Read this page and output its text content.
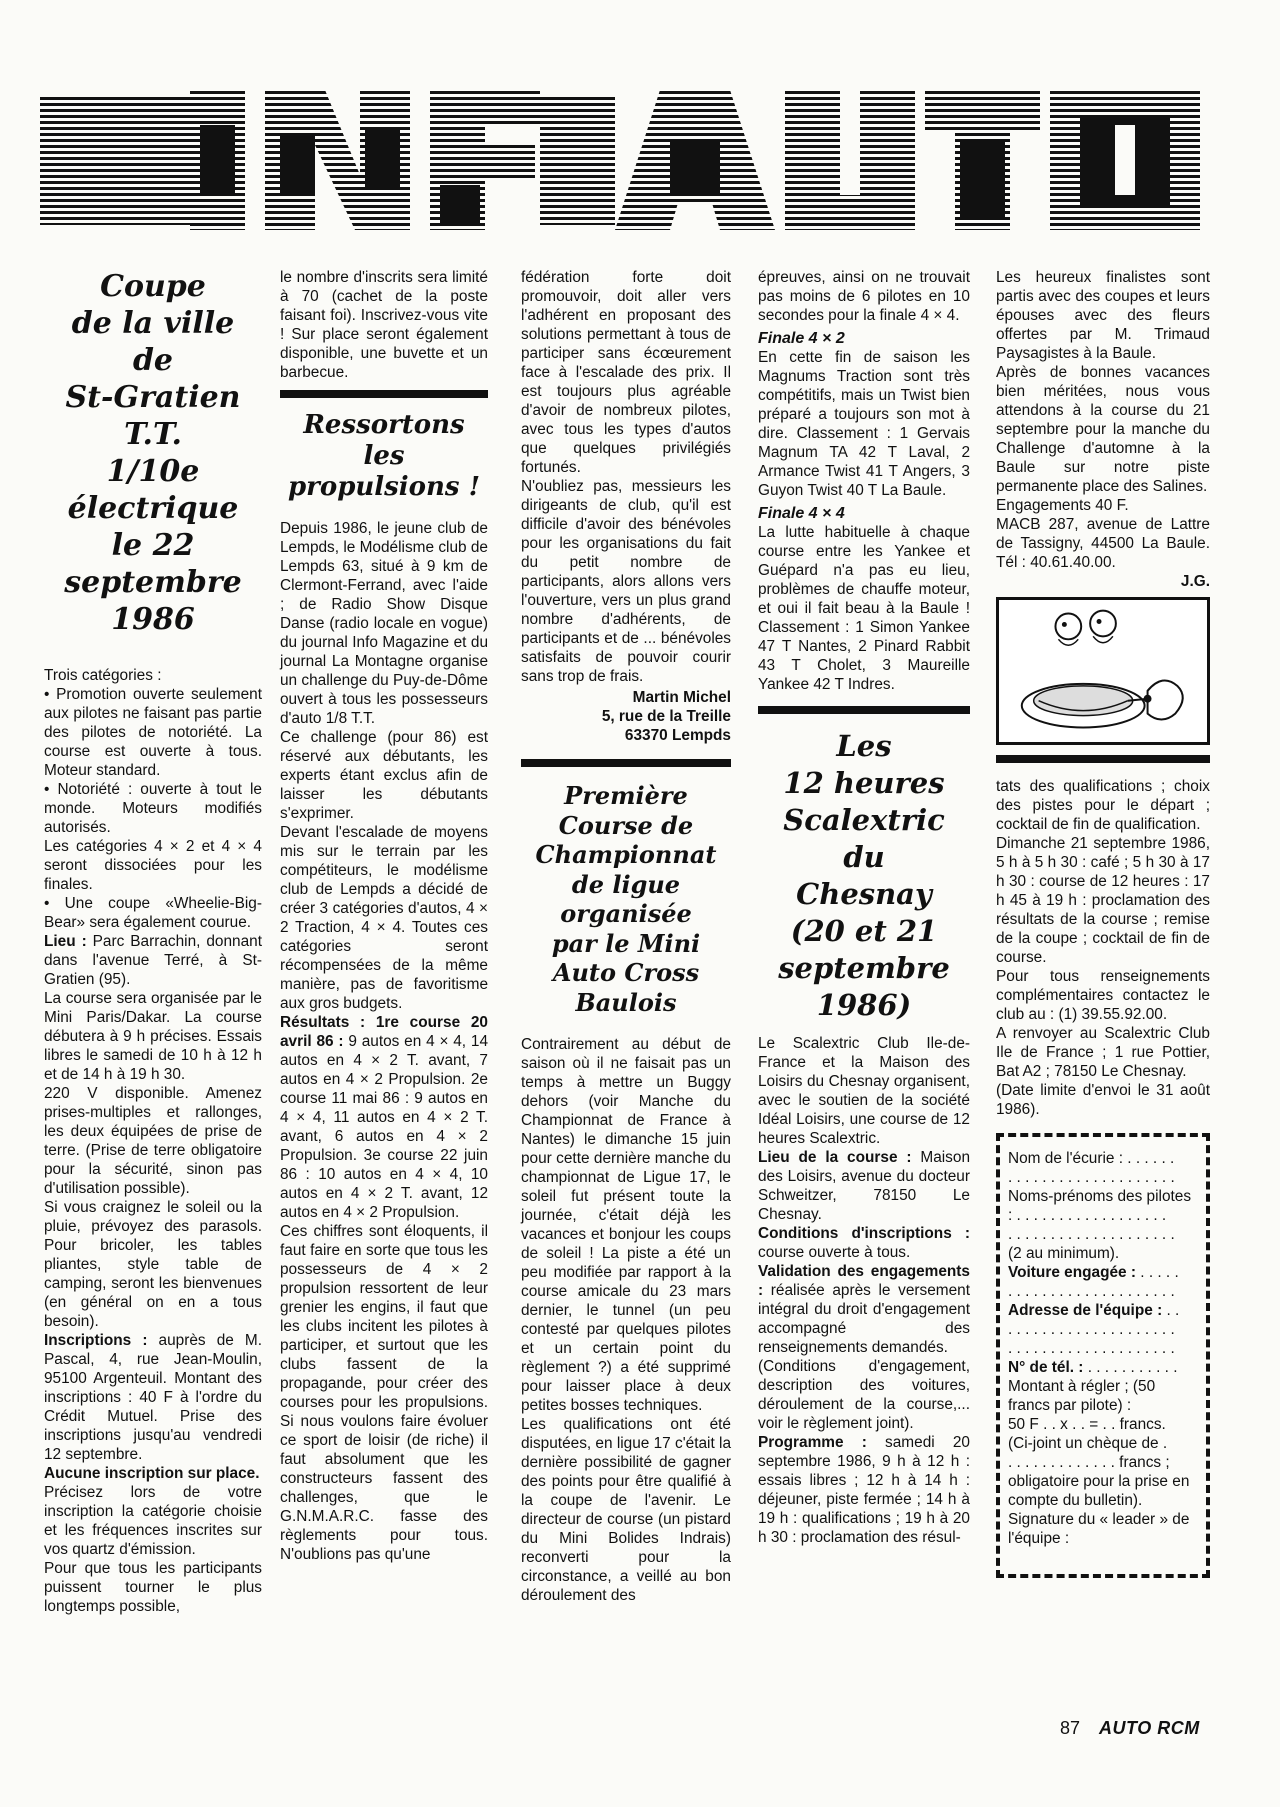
INF AUTO
Coupe
de la ville
de
St-Gratien
T.T.
1/10e
électrique
le 22
septembre
1986

Trois catégories :

• Promotion ouverte seulement aux pilotes ne faisant pas partie des pilotes de notoriété. La course est ouverte à tous. Moteur standard.

• Notoriété : ouverte à tout le monde. Moteurs modifiés autorisés.

Les catégories 4 × 2 et 4 × 4 seront dissociées pour les finales.

• Une coupe «Wheelie-Big-Bear» sera également courue.

Lieu : Parc Barrachin, donnant dans l'avenue Terré, à St-Gratien (95).

La course sera organisée par le Mini Paris/Dakar. La course débutera à 9 h précises. Essais libres le samedi de 10 h à 12 h et de 14 h à 19 h 30.

220 V disponible. Amenez prises-multiples et rallonges, les deux équipées de prise de terre. (Prise de terre obligatoire pour la sécurité, sinon pas d'utilisation possible).

Si vous craignez le soleil ou la pluie, prévoyez des parasols. Pour bricoler, les tables pliantes, style table de camping, seront les bienvenues (en général on en a tous besoin).

Inscriptions : auprès de M. Pascal, 4, rue Jean-Moulin, 95100 Argenteuil. Montant des inscriptions : 40 F à l'ordre du Crédit Mutuel. Prise des inscriptions jusqu'au vendredi 12 septembre.

Aucune inscription sur place.

Précisez lors de votre inscription la catégorie choisie et les fréquences inscrites sur vos quartz d'émission.

Pour que tous les participants puissent tourner le plus longtemps possible,

le nombre d'inscrits sera limité à 70 (cachet de la poste faisant foi). Inscrivez-vous vite ! Sur place seront également disponible, une buvette et un barbecue.

Ressortons
les
propulsions !

Depuis 1986, le jeune club de Lempds, le Modélisme club de Lempds 63, situé à 9 km de Clermont-Ferrand, avec l'aide ; de Radio Show Disque Danse (radio locale en vogue) du journal Info Magazine et du journal La Montagne organise un challenge du Puy-de-Dôme ouvert à tous les possesseurs d'auto 1/8 T.T.

Ce challenge (pour 86) est réservé aux débutants, les experts étant exclus afin de laisser les débutants s'exprimer.

Devant l'escalade de moyens mis sur le terrain par les compétiteurs, le modélisme club de Lempds a décidé de créer 3 catégories d'autos, 4 × 2 Traction, 4 × 4. Toutes ces catégories seront récompensées de la même manière, pas de favoritisme aux gros budgets.

Résultats : 1re course 20 avril 86 : 9 autos en 4 × 4, 14 autos en 4 × 2 T. avant, 7 autos en 4 × 2 Propulsion. 2e course 11 mai 86 : 9 autos en 4 × 4, 11 autos en 4 × 2 T. avant, 6 autos en 4 × 2 Propulsion. 3e course 22 juin 86 : 10 autos en 4 × 4, 10 autos en 4 × 2 T. avant, 12 autos en 4 × 2 Propulsion.

Ces chiffres sont éloquents, il faut faire en sorte que tous les possesseurs de 4 × 2 propulsion ressortent de leur grenier les engins, il faut que les clubs incitent les pilotes à participer, et surtout que les clubs fassent de la propagande, pour créer des courses pour les propulsions. Si nous voulons faire évoluer ce sport de loisir (de riche) il faut absolument que les constructeurs fassent des challenges, que le G.N.M.A.R.C. fasse des règlements pour tous. N'oublions pas qu'une

fédération forte doit promouvoir, doit aller vers l'adhérent en proposant des solutions permettant à tous de participer sans écœurement face à l'escalade des prix. Il est toujours plus agréable d'avoir de nombreux pilotes, avec tous les types d'autos que quelques privilégiés fortunés.

N'oubliez pas, messieurs les dirigeants de club, qu'il est difficile d'avoir des bénévoles pour les organisations du fait du petit nombre de participants, alors allons vers l'ouverture, vers un plus grand nombre d'adhérents, de participants et de ... bénévoles satisfaits de pouvoir courir sans trop de frais.

Martin Michel
5, rue de la Treille
63370 Lempds
Première
Course de
Championnat
de ligue
organisée
par le Mini
Auto Cross
Baulois

Contrairement au début de saison où il ne faisait pas un temps à mettre un Buggy dehors (voir Manche du Championnat de France à Nantes) le dimanche 15 juin pour cette dernière manche du championnat de Ligue 17, le soleil fut présent toute la journée, c'était déjà les vacances et bonjour les coups de soleil ! La piste a été un peu modifiée par rapport à la course amicale du 23 mars dernier, le tunnel (un peu contesté par quelques pilotes et un certain point du règlement ?) a été supprimé pour laisser place à deux petites bosses techniques.

Les qualifications ont été disputées, en ligue 17 c'était la dernière possibilité de gagner des points pour être qualifié à la coupe de l'avenir. Le directeur de course (un pistard du Mini Bolides Indrais) reconverti pour la circonstance, a veillé au bon déroulement des

épreuves, ainsi on ne trouvait pas moins de 6 pilotes en 10 secondes pour la finale 4 × 4.

Finale 4 × 2

En cette fin de saison les Magnums Traction sont très compétitifs, mais un Twist bien préparé a toujours son mot à dire. Classement : 1 Gervais Magnum TA 42 T Laval, 2 Armance Twist 41 T Angers, 3 Guyon Twist 40 T La Baule.

Finale 4 × 4

La lutte habituelle à chaque course entre les Yankee et Guépard n'a pas eu lieu, problèmes de chauffe moteur, et oui il fait beau à la Baule ! Classement : 1 Simon Yankee 47 T Nantes, 2 Pinard Rabbit 43 T Cholet, 3 Maureille Yankee 42 T Indres.

Les
12 heures
Scalextric
du
Chesnay
(20 et 21
septembre
1986)

Le Scalextric Club Ile-de-France et la Maison des Loisirs du Chesnay organisent, avec le soutien de la société Idéal Loisirs, une course de 12 heures Scalextric.

Lieu de la course : Maison des Loisirs, avenue du docteur Schweitzer, 78150 Le Chesnay.

Conditions d'inscriptions : course ouverte à tous.

Validation des engagements : réalisée après le versement intégral du droit d'engagement accompagné des renseignements demandés.

(Conditions d'engagement, description des voitures, déroulement de la course,... voir le règlement joint).

Programme : samedi 20 septembre 1986, 9 h à 12 h : essais libres ; 12 h à 14 h : déjeuner, piste fermée ; 14 h à 19 h : qualifications ; 19 h à 20 h 30 : proclamation des résul-

Les heureux finalistes sont partis avec des coupes et leurs épouses avec des fleurs offertes par M. Trimaud Paysagistes à la Baule.

Après de bonnes vacances bien méritées, nous vous attendons à la course du 21 septembre pour la manche du Challenge d'automne à la Baule sur notre piste permanente place des Salines.

Engagements 40 F.

MACB 287, avenue de Lattre de Tassigny, 44500 La Baule. Tél : 40.61.40.00.

J.G.

tats des qualifications ; choix des pistes pour le départ ; cocktail de fin de qualification.

Dimanche 21 septembre 1986, 5 h à 5 h 30 : café ; 5 h 30 à 17 h 30 : course de 12 heures : 17 h 45 à 19 h : proclamation des résultats de la course ; remise de la coupe ; cocktail de fin de course.

Pour tous renseignements complémentaires contactez le club au : (1) 39.55.92.00.

A renvoyer au Scalextric Club Ile de France ; 1 rue Pottier, Bat A2 ; 78150 Le Chesnay.

(Date limite d'envoi le 31 août 1986).

Nom de l'écurie : . . . . . .

. . . . . . . . . . . . . . . . . . . .

Noms-prénoms des pilotes : . . . . . . . . . . . . . . . . . .

. . . . . . . . . . . . . . . . . . . .

(2 au minimum).

Voiture engagée : . . . . .

. . . . . . . . . . . . . . . . . . . .

Adresse de l'équipe : . .

. . . . . . . . . . . . . . . . . . . .

. . . . . . . . . . . . . . . . . . . .

N° de tél. : . . . . . . . . . . .

Montant à régler ; (50 francs par pilote) :

50 F . . x . . = . . francs.

(Ci-joint un chèque de .

. . . . . . . . . . . . . francs ;

obligatoire pour la prise en compte du bulletin).

Signature du « leader » de l'équipe :

87 AUTO RCM
